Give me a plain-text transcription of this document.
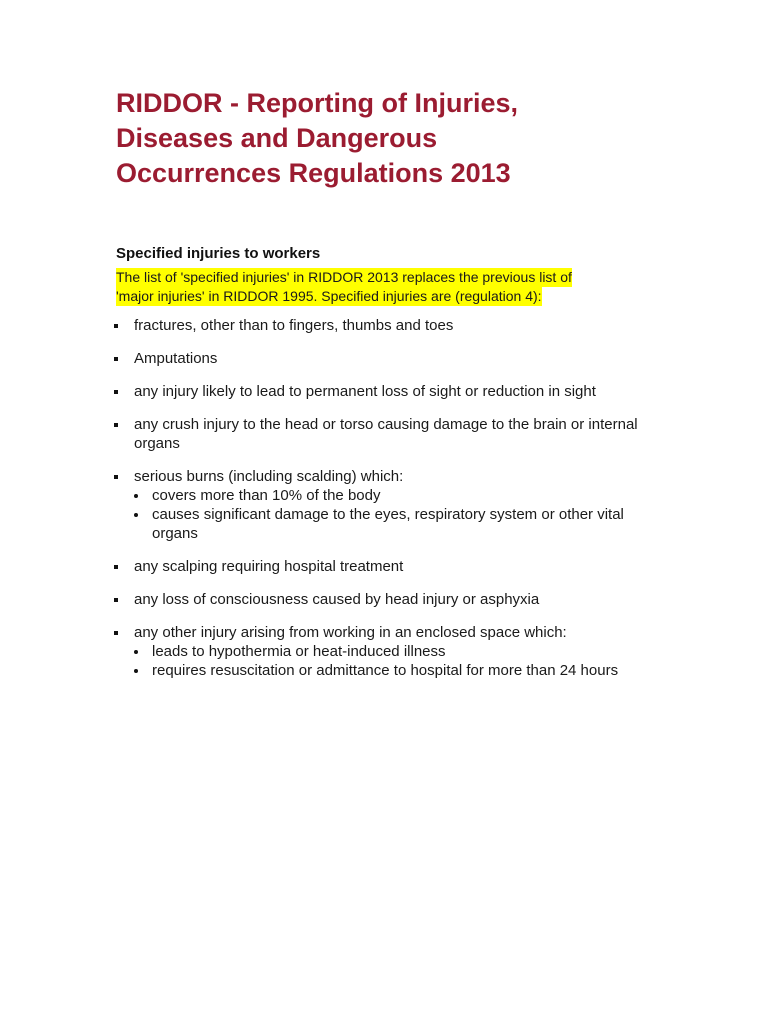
RIDDOR - Reporting of Injuries,
Diseases and Dangerous
Occurrences Regulations 2013
Specified injuries to workers

The list of 'specified injuries' in RIDDOR 2013 replaces the previous list of
'major injuries' in RIDDOR 1995. Specified injuries are (regulation 4):

fractures, other than to fingers, thumbs and toes
Amputations
any injury likely to lead to permanent loss of sight or reduction in sight
any crush injury to the head or torso causing damage to the brain or internal organs
serious burns (including scalding) which:
covers more than 10% of the body
causes significant damage to the eyes, respiratory system or other vital organs
any scalping requiring hospital treatment
any loss of consciousness caused by head injury or asphyxia
any other injury arising from working in an enclosed space which:
leads to hypothermia or heat-induced illness
requires resuscitation or admittance to hospital for more than 24 hours
